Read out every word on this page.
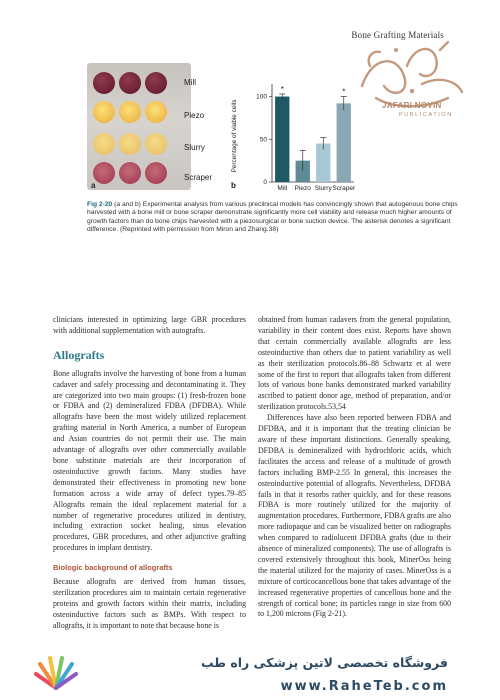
Bone Grafting Materials
JAFARI NOVIN
PUBLICATION
Mill
Piezo
Slurry
Scraper
a	b	0
50
100
*
Mill Piezo Slurry
*
Scraper
Percentage of viable cells
Fig 2-20 (a and b) Experimental analysis from various preclinical models has convincingly shown that autogenous bone chips harvested with a bone mill or bone scraper demonstrate significantly more cell viability and release much higher amounts of growth factors than do bone chips harvested with a piezosurgical or bone suction device. The asterisk denotes a significant difference. (Reprinted with permission from Miron and Zhang.38)

clinicians interested in optimizing large GBR procedures with additional supplementation with autografts.

Allografts

Bone allografts involve the harvesting of bone from a human cadaver and safely processing and decontaminating it. They are categorized into two main groups: (1) fresh-frozen bone or FDBA and (2) demineralized FDBA (DFDBA). While allografts have been the most widely utilized replacement grafting material in North America, a number of European and Asian countries do not permit their use. The main advantage of allografts over other commercially available bone substitute materials are their incorporation of osteoinductive growth factors. Many studies have demonstrated their effectiveness in promoting new bone formation across a wide array of defect types.79–85 Allografts remain the ideal replacement material for a number of regenerative procedures utilized in dentistry, including extraction socket healing, sinus elevation procedures, GBR procedures, and other adjunctive grafting procedures in implant dentistry.

Biologic background of allografts

Because allografts are derived from human tissues, sterilization procedures aim to maintain certain regenerative proteins and growth factors within their matrix, including osteoinductive factors such as BMPs. With respect to allografts, it is important to note that because bone is

obtained from human cadavers from the general population, variability in their content does exist. Reports have shown that certain commercially available allografts are less osteoinductive than others due to patient variability as well as their sterilization protocols.86–88 Schwartz et al were some of the first to report that allografts taken from different lots of various bone banks demonstrated marked variability ascribed to patient donor age, method of preparation, and/or sterilization protocols.53,54

Differences have also been reported between FDBA and DFDBA, and it is important that the treating clinician be aware of these important distinctions. Generally speaking, DFDBA is demineralized with hydrochloric acids, which facilitates the access and release of a multitude of growth factors including BMP-2.55 In general, this increases the osteoinductive potential of allografts. Nevertheless, DFDBA fails in that it resorbs rather quickly, and for these reasons FDBA is more routinely utilized for the majority of augmentation procedures. Furthermore, FDBA grafts are also more radiopaque and can be visualized better on radiographs when compared to radiolucent DFDBA grafts (due to their absence of mineralized components). The use of allografts is covered extensively throughout this book, MinerOss being the material utilized for the majority of cases. MinerOss is a mixture of corticocancellous bone that takes advantage of the increased regenerative properties of cancellous bone and the strength of cortical bone; its particles range in size from 600 to 1,200 microns (Fig 2-21).

فروشگاه تخصصی لاتین پزشکی راه طب
www.RaheTeb.com
